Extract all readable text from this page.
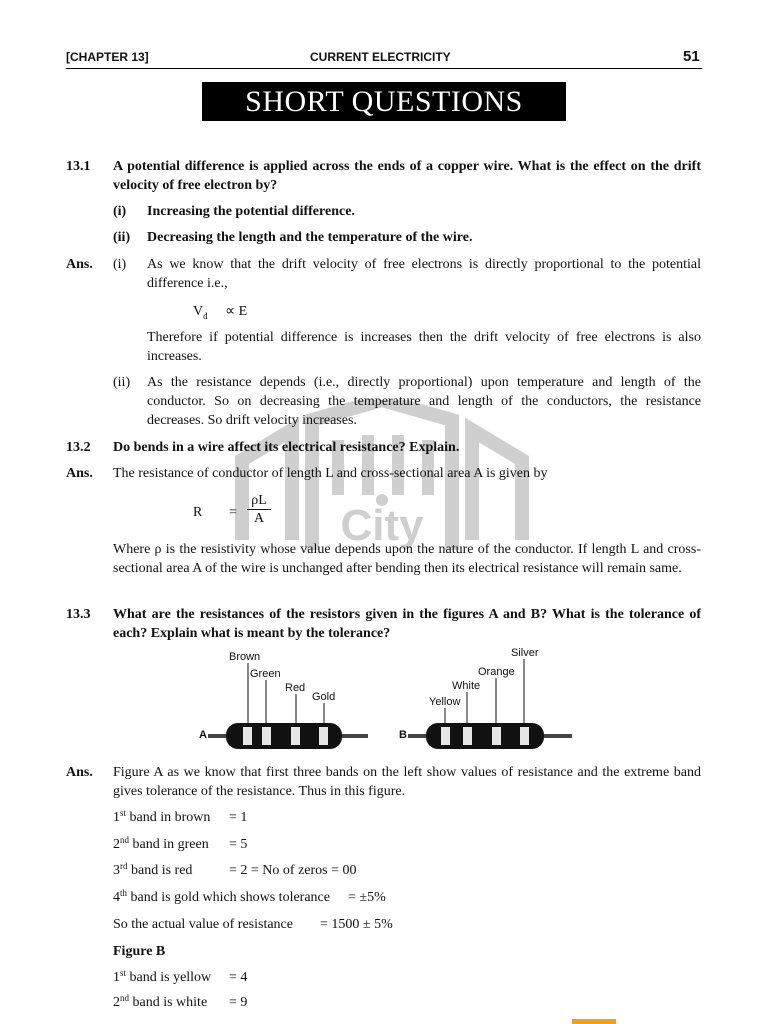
[CHAPTER 13]	CURRENT ELECTRICITY	51
SHORT QUESTIONS
City
13.1 A potential difference is applied across the ends of a copper wire. What is the effect on the drift velocity of free electron by?
(i) Increasing the potential difference.
(ii) Decreasing the length and the temperature of the wire.
Ans. (i) As we know that the drift velocity of free electrons is directly proportional to the potential difference i.e.,
$V_d \propto E$
Therefore if potential difference is increases then the drift velocity of free electrons is also increases.
(ii) As the resistance depends (i.e., directly proportional) upon temperature and length of the conductor. So on decreasing the temperature and length of the conductors, the resistance decreases. So drift velocity increases.
13.2 Do bends in a wire affect its electrical resistance? Explain.
Ans. The resistance of conductor of length L and cross-sectional area A is given by
$R = \frac{\rho L}{A}$
Where ρ is the resistivity whose value depends upon the nature of the conductor. If length L and cross-sectional area A of the wire is unchanged after bending then its electrical resistance will remain same.
13.3 What are the resistances of the resistors given in the figures A and B? What is the tolerance of each? Explain what is meant by the tolerance?
Brown
Green
Red
Gold
A
Yellow
White
Orange
Silver
B
Ans. Figure A as we know that first three bands on the left show values of resistance and the extreme band gives tolerance of the resistance. Thus in this figure.
1st band in brown = 1
2nd band in green = 5
3rd band is red	= 2 = No of zeros = 00
4th band is gold which shows tolerance = ±5%
So the actual value of resistance = 1500 ± 5%
Figure B
1st band is yellow = 4
2nd band is white = 9
